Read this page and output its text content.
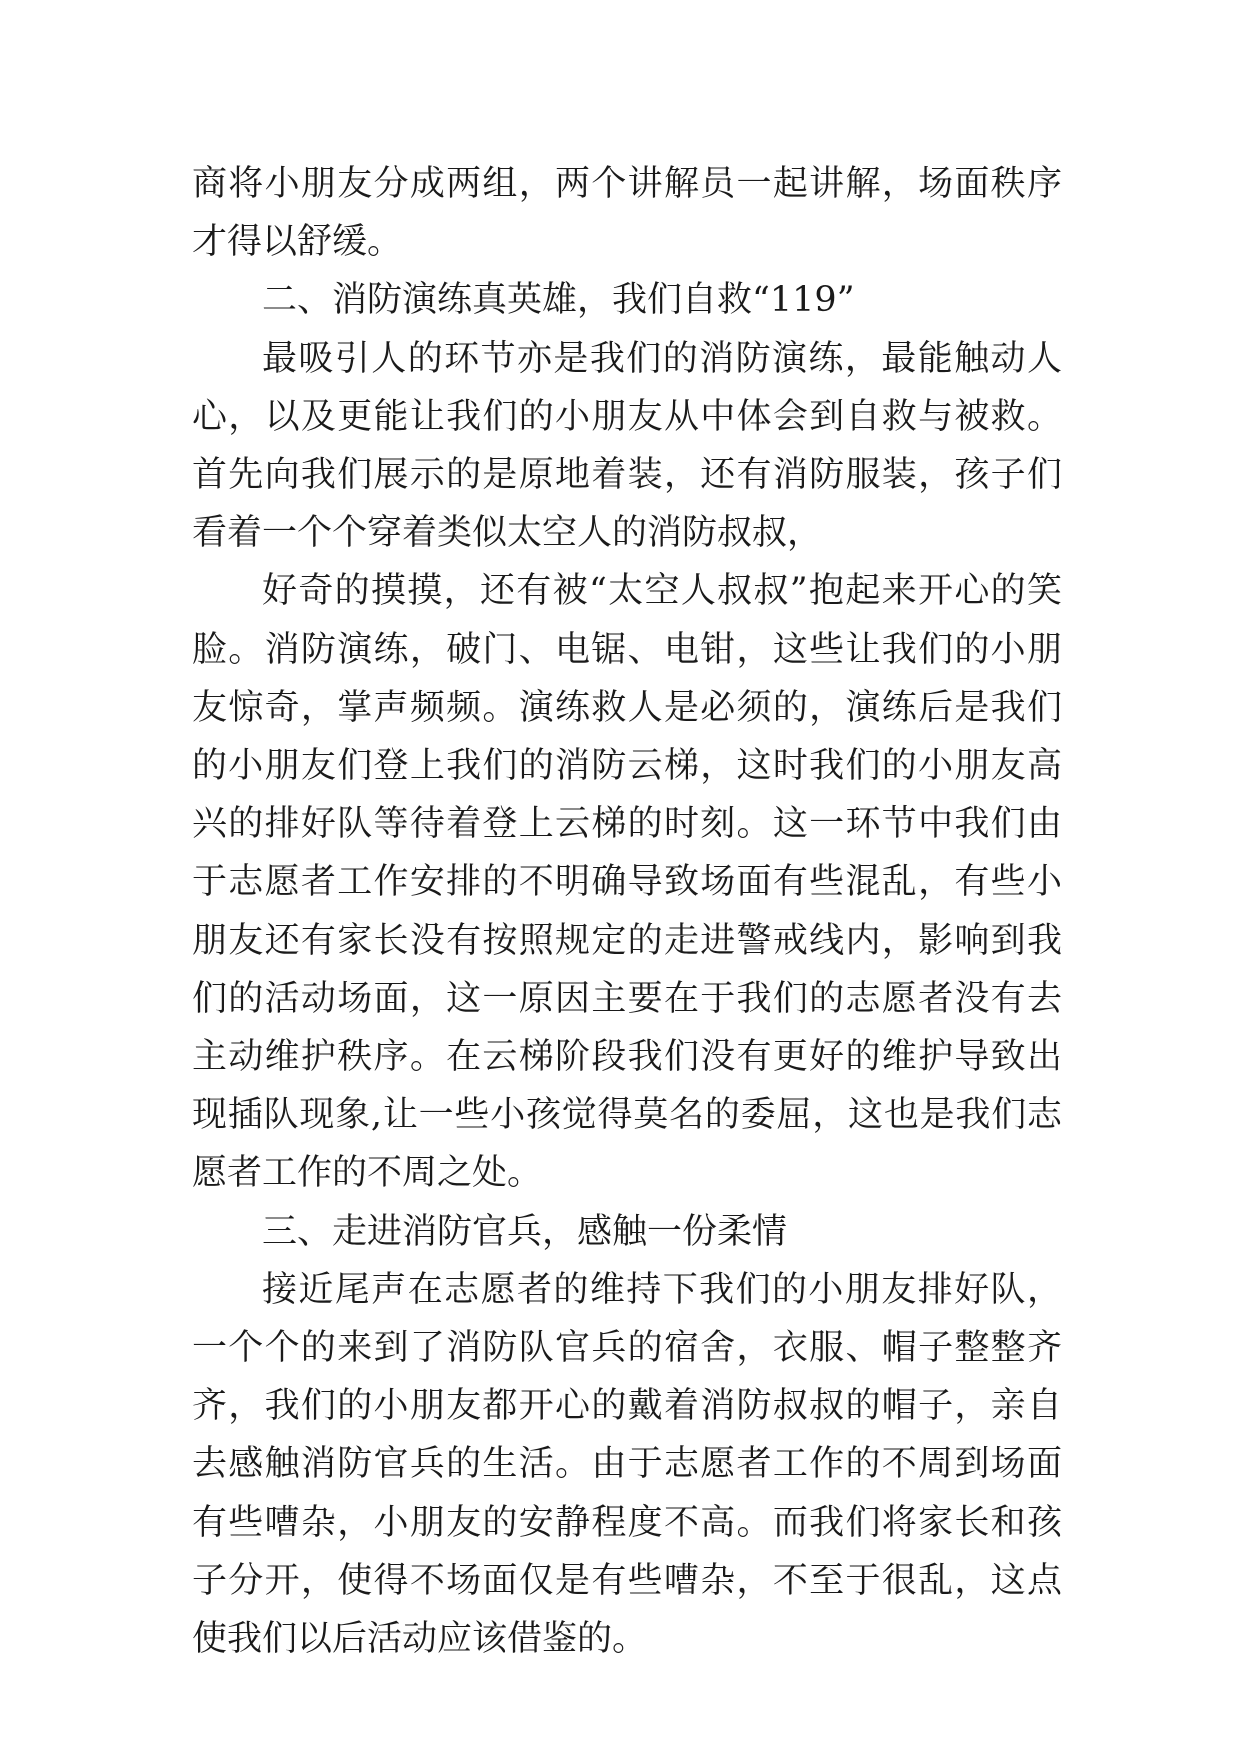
商将小朋友分成两组，两个讲解员一起讲解，场面秩序才得以舒缓。

二、消防演练真英雄，我们自救“119”

最吸引人的环节亦是我们的消防演练，最能触动人心，以及更能让我们的小朋友从中体会到自救与被救。首先向我们展示的是原地着装，还有消防服装，孩子们看着一个个穿着类似太空人的消防叔叔，

好奇的摸摸，还有被“太空人叔叔”抱起来开心的笑脸。消防演练，破门、电锯、电钳，这些让我们的小朋友惊奇，掌声频频。演练救人是必须的，演练后是我们的小朋友们登上我们的消防云梯，这时我们的小朋友高兴的排好队等待着登上云梯的时刻。这一环节中我们由于志愿者工作安排的不明确导致场面有些混乱，有些小朋友还有家长没有按照规定的走进警戒线内，影响到我们的活动场面，这一原因主要在于我们的志愿者没有去主动维护秩序。在云梯阶段我们没有更好的维护导致出现插队现象,让一些小孩觉得莫名的委屈，这也是我们志愿者工作的不周之处。

三、走进消防官兵，感触一份柔情

接近尾声在志愿者的维持下我们的小朋友排好队，一个个的来到了消防队官兵的宿舍，衣服、帽子整整齐齐，我们的小朋友都开心的戴着消防叔叔的帽子，亲自去感触消防官兵的生活。由于志愿者工作的不周到场面有些嘈杂，小朋友的安静程度不高。而我们将家长和孩子分开，使得不场面仅是有些嘈杂，不至于很乱，这点使我们以后活动应该借鉴的。
